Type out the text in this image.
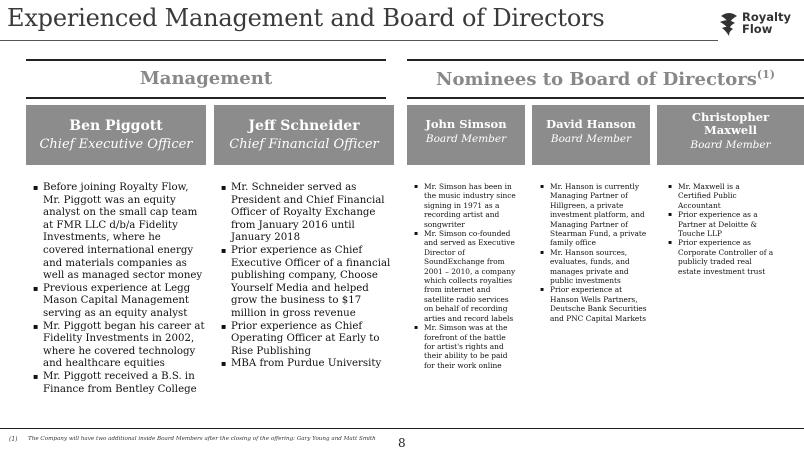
Experienced Management and Board of Directors	Royalty
Flow
Management	Nominees to Board of Directors$^{(1)}$
Ben Piggott
Chief Executive Officer
Jeff Schneider
Chief Financial Officer
John Simson
Board Member
David Hanson
Board Member
Christopher
Maxwell
Board Member
▪ Before joining Royalty Flow, Mr. Piggott was an equity analyst on the small cap team at FMR LLC d/b/a Fidelity Investments, where he covered international energy and materials companies as well as managed sector money
▪ Previous experience at Legg Mason Capital Management serving as an equity analyst
▪ Mr. Piggott began his career at Fidelity Investments in 2002, where he covered technology and healthcare equities
▪ Mr. Piggott received a B.S. in Finance from Bentley College
▪ Mr. Schneider served as President and Chief Financial Officer of Royalty Exchange from January 2016 until January 2018
▪ Prior experience as Chief Executive Officer of a financial publishing company, Choose Yourself Media and helped grow the business to $17 million in gross revenue
▪ Prior experience as Chief Operating Officer at Early to Rise Publishing
▪ MBA from Purdue University
▪ Mr. Simson has been in the music industry since signing in 1971 as a recording artist and songwriter
▪ Mr. Simson co-founded and served as Executive Director of SoundExchange from 2001 – 2010, a company which collects royalties from internet and satellite radio services on behalf of recording arties and record labels
▪ Mr. Simson was at the forefront of the battle for artist's rights and their ability to be paid for their work online
▪ Mr. Hanson is currently Managing Partner of Hillgreen, a private investment platform, and Managing Partner of Stearman Fund, a private family office
▪ Mr. Hanson sources, evaluates, funds, and manages private and public investments
▪ Prior experience at Hanson Wells Partners, Deutsche Bank Securities and PNC Capital Markets
▪ Mr. Maxwell is a Certified Public Accountant
▪ Prior experience as a Partner at Deloitte & Touche LLP
▪ Prior experience as Corporate Controller of a publicly traded real estate investment trust
(1) The Company will have two additional inside Board Members after the closing of the offering: Gary Young and Matt Smith 8
